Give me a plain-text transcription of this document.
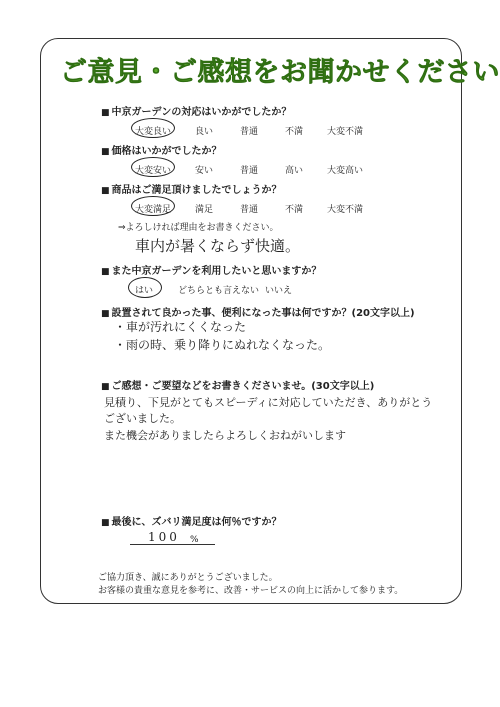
ご意見・ご感想をお聞かせください
■ 中京ガーデンの対応はいかがでしたか？
大変良い	良い	普通	不満	大変不満
■ 価格はいかがでしたか？
大変安い	安い	普通	高い	大変高い
■ 商品はご満足頂けましたでしょうか？
大変満足	満足	普通	不満	大変不満
⇒よろしければ理由をお書きください。
車内が暑くならず快適。
■ また中京ガーデンを利用したいと思いますか？
はい	どちらとも言えない いいえ
■ 設置されて良かった事、便利になった事は何ですか？(20文字以上)
・車が汚れにくくなった
・雨の時、乗り降りにぬれなくなった。
■ ご感想・ご要望などをお書きくださいませ。(30文字以上)
見積り、下見がとてもスピーディに対応していただき、ありがとう
ございました。
また機会がありましたらよろしくおねがいします
■ 最後に、ズバリ満足度は何％ですか？
100 %
ご協力頂き、誠にありがとうございました。
お客様の貴重な意見を参考に、改善・サービスの向上に活かして参ります。
